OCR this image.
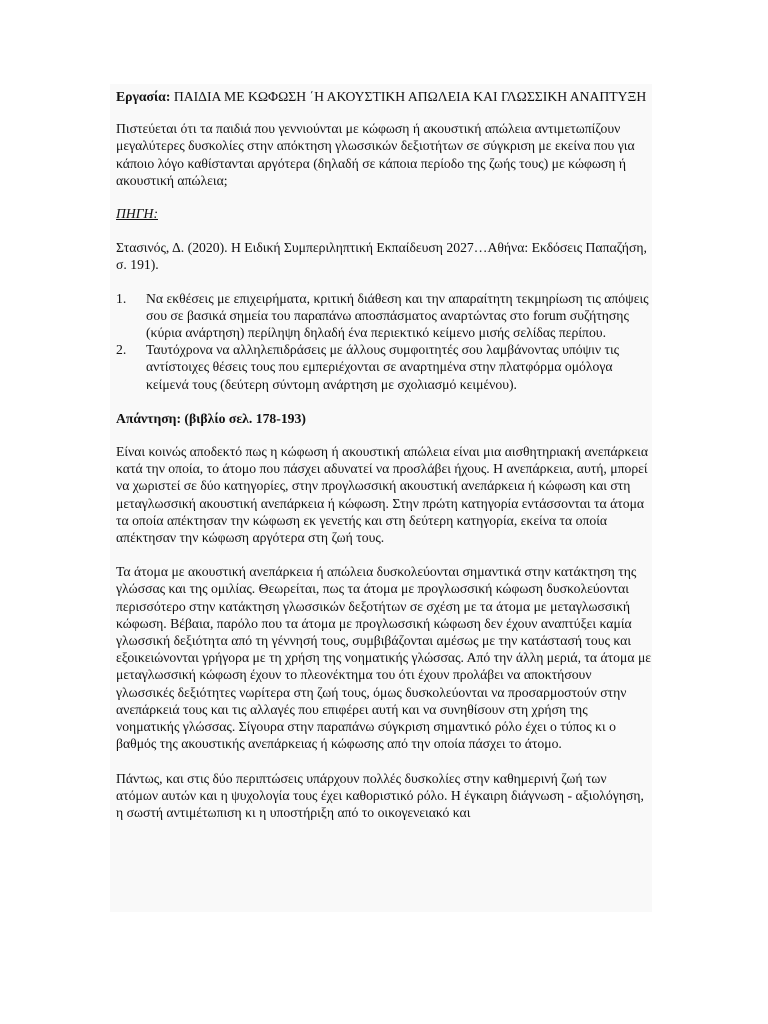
Εργασία: ΠΑΙΔΙΑ ΜΕ ΚΩΦΩΣΗ ΄Η ΑΚΟΥΣΤΙΚΗ ΑΠΩΛΕΙΑ ΚΑΙ ΓΛΩΣΣΙΚΗ ΑΝΑΠΤΥΞΗ

Πιστεύεται ότι τα παιδιά που γεννιούνται με κώφωση ή ακουστική απώλεια αντιμετωπίζουν μεγαλύτερες δυσκολίες στην απόκτηση γλωσσικών δεξιοτήτων σε σύγκριση με εκείνα που για κάποιο λόγο καθίστανται αργότερα (δηλαδή σε κάποια περίοδο της ζωής τους) με κώφωση ή ακουστική απώλεια;

ΠΗΓΗ:

Στασινός, Δ. (2020). Η Ειδική Συμπεριληπτική Εκπαίδευση 2027…Αθήνα: Εκδόσεις Παπαζήση, σ. 191).

1. Να εκθέσεις με επιχειρήματα, κριτική διάθεση και την απαραίτητη τεκμηρίωση τις απόψεις σου σε βασικά σημεία του παραπάνω αποσπάσματος αναρτώντας στο forum συζήτησης (κύρια ανάρτηση) περίληψη δηλαδή ένα περιεκτικό κείμενο μισής σελίδας περίπου.
2. Ταυτόχρονα να αλληλεπιδράσεις με άλλους συμφοιτητές σου λαμβάνοντας υπόψιν τις αντίστοιχες θέσεις τους που εμπεριέχονται σε αναρτημένα στην πλατφόρμα ομόλογα κείμενά τους (δεύτερη σύντομη ανάρτηση με σχολιασμό κειμένου).

Απάντηση: (βιβλίο σελ. 178-193)

Είναι κοινώς αποδεκτό πως η κώφωση ή ακουστική απώλεια είναι μια αισθητηριακή ανεπάρκεια κατά την οποία, το άτομο που πάσχει αδυνατεί να προσλάβει ήχους. Η ανεπάρκεια, αυτή, μπορεί να χωριστεί σε δύο κατηγορίες, στην προγλωσσική ακουστική ανεπάρκεια ή κώφωση και στη μεταγλωσσική ακουστική ανεπάρκεια ή κώφωση. Στην πρώτη κατηγορία εντάσσονται τα άτομα τα οποία απέκτησαν την κώφωση εκ γενετής και στη δεύτερη κατηγορία, εκείνα τα οποία απέκτησαν την κώφωση αργότερα στη ζωή τους.

Τα άτομα με ακουστική ανεπάρκεια ή απώλεια δυσκολεύονται σημαντικά στην κατάκτηση της γλώσσας και της ομιλίας. Θεωρείται, πως τα άτομα με προγλωσσική κώφωση δυσκολεύονται περισσότερο στην κατάκτηση γλωσσικών δεξοτήτων σε σχέση με τα άτομα με μεταγλωσσική κώφωση. Βέβαια, παρόλο που τα άτομα με προγλωσσική κώφωση δεν έχουν αναπτύξει καμία γλωσσική δεξιότητα από τη γέννησή τους, συμβιβάζονται αμέσως με την κατάστασή τους και εξοικειώνονται γρήγορα με τη χρήση της νοηματικής γλώσσας. Από την άλλη μεριά, τα άτομα με μεταγλωσσική κώφωση έχουν το πλεονέκτημα του ότι έχουν προλάβει να αποκτήσουν γλωσσικές δεξιότητες νωρίτερα στη ζωή τους, όμως δυσκολεύονται να προσαρμοστούν στην ανεπάρκειά τους και τις αλλαγές που επιφέρει αυτή και να συνηθίσουν στη χρήση της νοηματικής γλώσσας. Σίγουρα στην παραπάνω σύγκριση σημαντικό ρόλο έχει ο τύπος κι ο βαθμός της ακουστικής ανεπάρκειας ή κώφωσης από την οποία πάσχει το άτομο.

Πάντως, και στις δύο περιπτώσεις υπάρχουν πολλές δυσκολίες στην καθημερινή ζωή των ατόμων αυτών και η ψυχολογία τους έχει καθοριστικό ρόλο. Η έγκαιρη διάγνωση - αξιολόγηση, η σωστή αντιμέτωπιση κι η υποστήριξη από το οικογενειακό και
